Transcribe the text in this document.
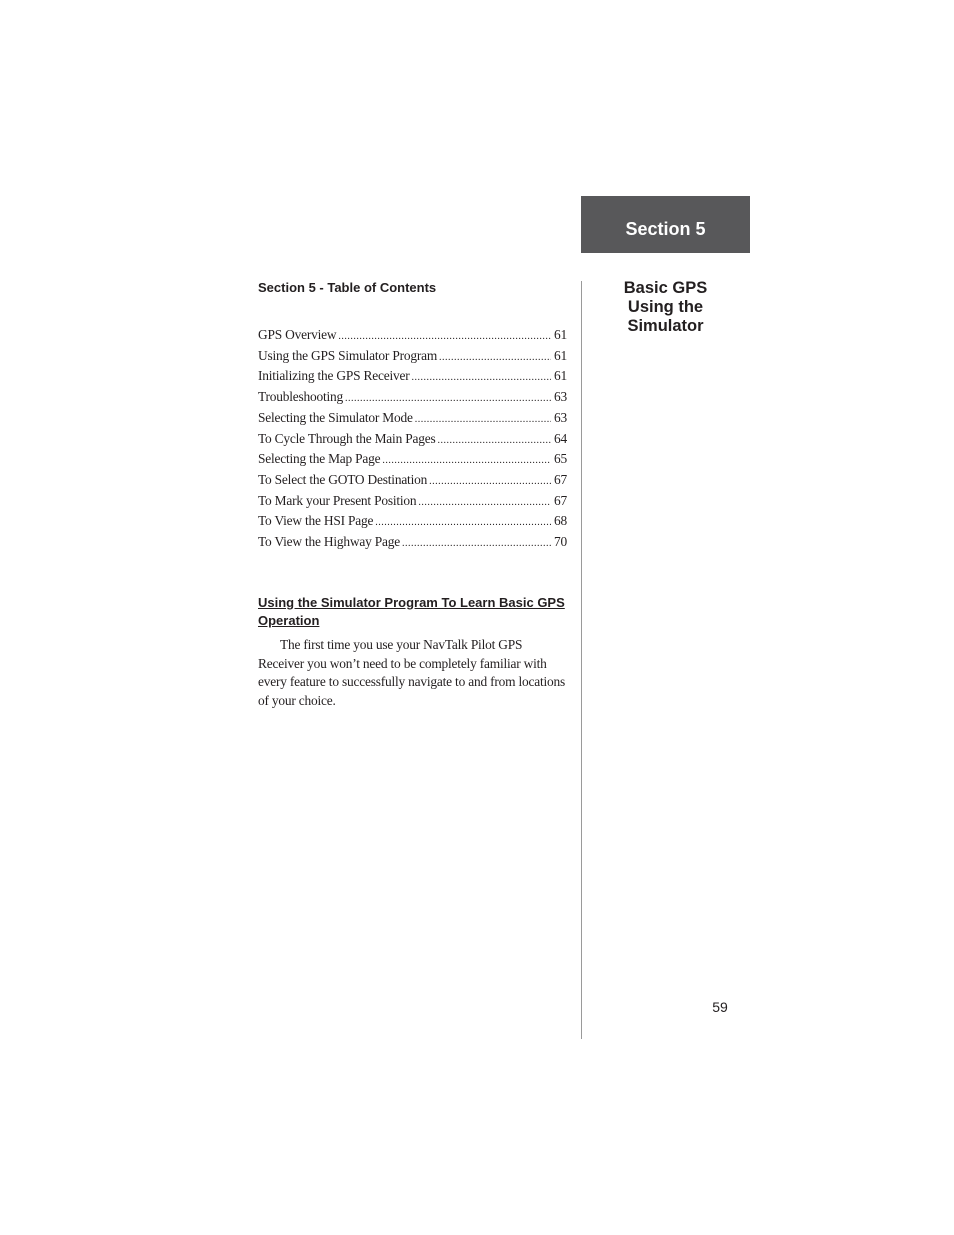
Section 5
Basic GPS
Using the
Simulator
Section 5 - Table of Contents
GPS Overview .....	61
Using the GPS Simulator Program .....	61
Initializing the GPS Receiver .....	61
Troubleshooting .....	63
Selecting the Simulator Mode .....	63
To Cycle Through the Main Pages .....	64
Selecting the Map Page .....	65
To Select the GOTO Destination .....	67
To Mark your Present Position .....	67
To View the HSI Page .....	68
To View the Highway Page .....	70
Using the Simulator Program To Learn Basic GPS Operation

The first time you use your NavTalk Pilot GPS Receiver you won’t need to be completely familiar with every feature to successfully navigate to and from locations of your choice.

59
